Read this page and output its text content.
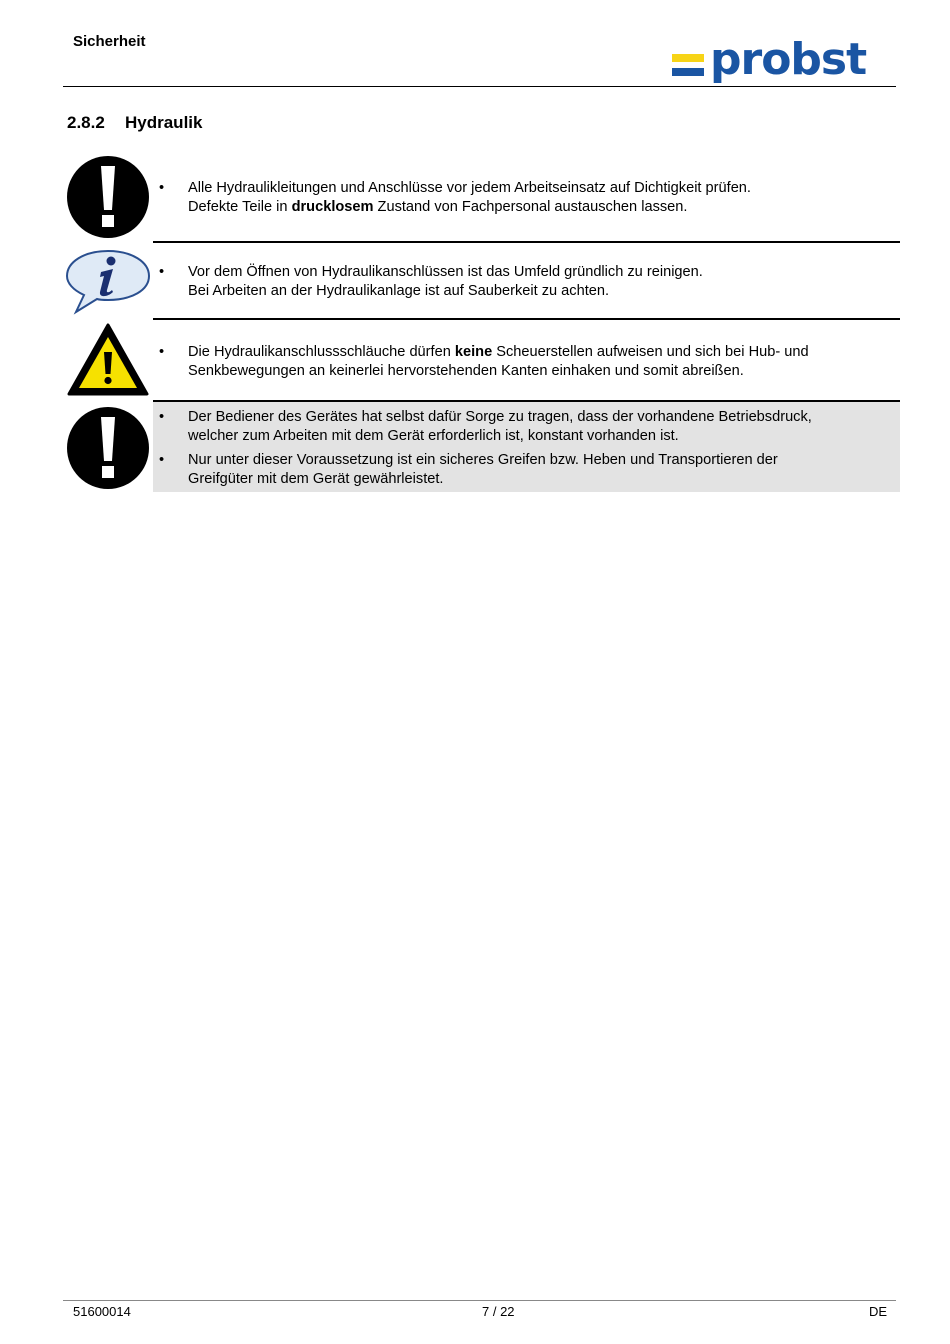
Sicherheit	probst
2.8.2 Hydraulik
• Alle Hydraulikleitungen und Anschlüsse vor jedem Arbeitseinsatz auf Dichtigkeit prüfen.
Defekte Teile in drucklosem Zustand von Fachpersonal austauschen lassen.
• Vor dem Öffnen von Hydraulikanschlüssen ist das Umfeld gründlich zu reinigen.
Bei Arbeiten an der Hydraulikanlage ist auf Sauberkeit zu achten.
• Die Hydraulikanschlussschläuche dürfen keine Scheuerstellen aufweisen und sich bei Hub- und
Senkbewegungen an keinerlei hervorstehenden Kanten einhaken und somit abreißen.
• Der Bediener des Gerätes hat selbst dafür Sorge zu tragen, dass der vorhandene Betriebsdruck,
welcher zum Arbeiten mit dem Gerät erforderlich ist, konstant vorhanden ist.
• Nur unter dieser Voraussetzung ist ein sicheres Greifen bzw. Heben und Transportieren der
Greifgüter mit dem Gerät gewährleistet.
51600014	7 / 22	DE
